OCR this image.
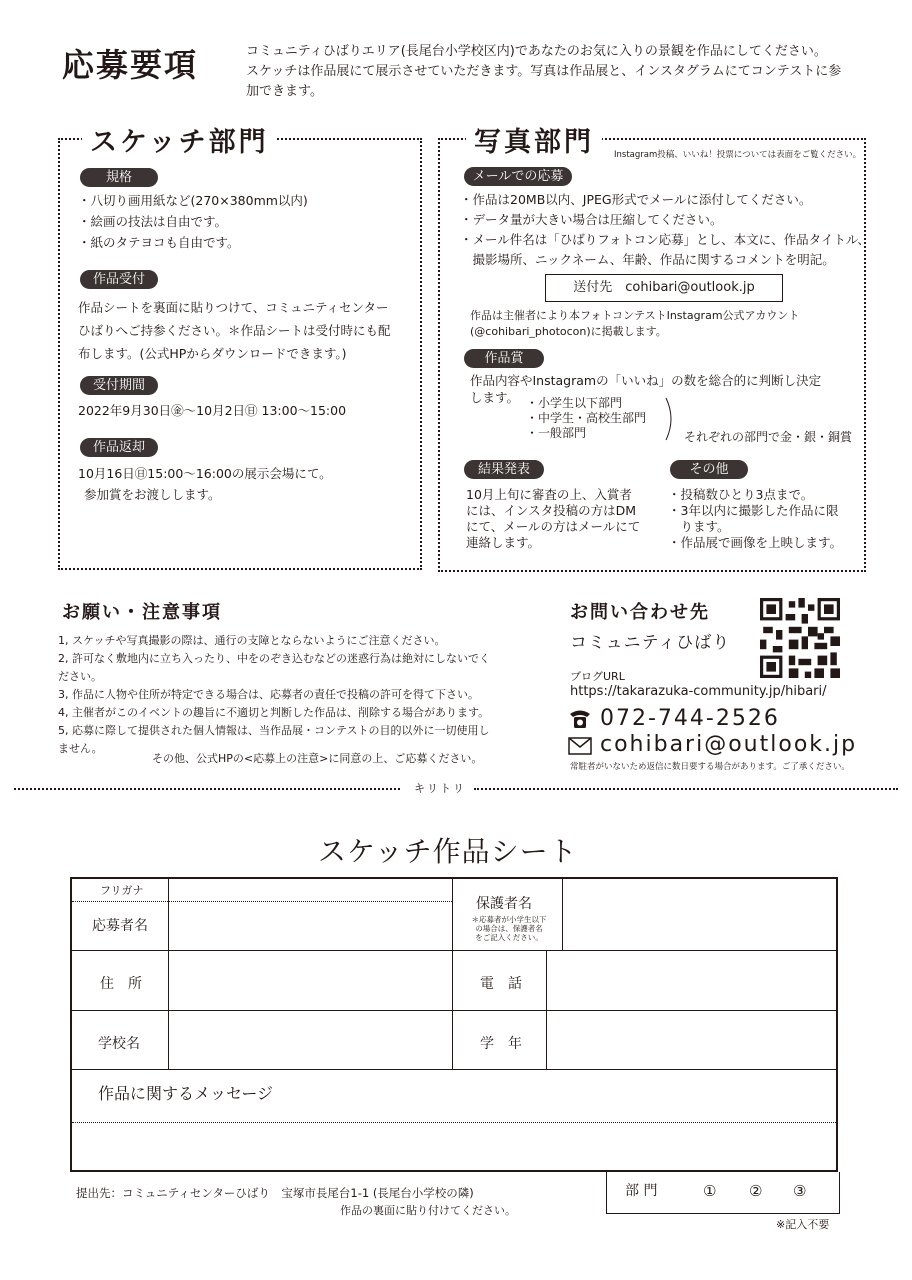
応募要項	コミュニティひばりエリア(長尾台小学校区内)であなたのお気に入りの景観を作品にしてください。
スケッチは作品展にて展示させていただきます。写真は作品展と、インスタグラムにてコンテストに参
加できます。
スケッチ部門
規格
・八切り画用紙など(270×380mm以内)
・絵画の技法は自由です。
・紙のタテヨコも自由です。
作品受付
作品シートを裏面に貼りつけて、コミュニティセンター
ひばりへご持参ください。＊作品シートは受付時にも配
布します。(公式HPからダウンロードできます。)
受付期間
2022年9月30日㊎〜10月2日㊐ 13:00〜15:00
作品返却
10月16日㊐15:00〜16:00の展示会場にて。
参加賞をお渡しします。
写真部門	Instagram投稿、いいね！投票については表面をご覧ください。
メールでの応募
・作品は20MB以内、JPEG形式でメールに添付してください。
・データ量が大きい場合は圧縮してください。
・メール件名は「ひばりフォトコン応募」とし、本文に、作品タイトル、
　撮影場所、ニックネーム、年齢、作品に関するコメントを明記。
送付先　cohibari@outlook.jp
作品は主催者により本フォトコンテストInstagram公式アカウント
(@cohibari_photocon)に掲載します。
作品賞
作品内容やInstagramの「いいね」の数を総合的に判断し決定
します。 ・小学生以下部門
・中学生・高校生部門
・一般部門	それぞれの部門で金・銀・銅賞
結果発表
10月上旬に審査の上、入賞者
には、インスタ投稿の方はDM
にて、メールの方はメールにて
連絡します。
その他
・投稿数ひとり3点まで。
・3年以内に撮影した作品に限
　ります。
・作品展で画像を上映します。
お願い・注意事項
1, スケッチや写真撮影の際は、通行の支障とならないようにご注意ください。
2, 許可なく敷地内に立ち入ったり、中をのぞき込むなどの迷惑行為は絶対にしないでく
ださい。
3, 作品に人物や住所が特定できる場合は、応募者の責任で投稿の許可を得て下さい。
4, 主催者がこのイベントの趣旨に不適切と判断した作品は、削除する場合があります。
5, 応募に際して提供された個人情報は、当作品展・コンテストの目的以外に一切使用し
ません。
その他、公式HPの<応募上の注意>に同意の上、ご応募ください。
お問い合わせ先
コミュニティひばり
ブログURL
https://takarazuka-community.jp/hibari/
072-744-2526
cohibari@outlook.jp
常駐者がいないため返信に数日要する場合があります。ご了承ください。
キリトリ
スケッチ作品シート
フリガナ
応募者名
保護者名
＊応募者が小学生以下
の場合は、保護者名
をご記入ください。
住　所	電　話
学校名	学　年
作品に関するメッセージ
提出先：コミュニティセンターひばり　宝塚市長尾台1-1 (長尾台小学校の隣)
作品の裏面に貼り付けてください。
部 門	① ② ③
※記入不要
